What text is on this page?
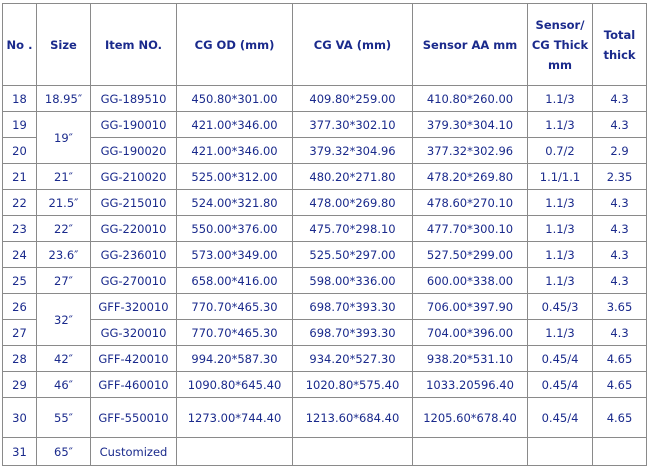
No .	Size	Item NO.	CG OD (mm)	CG VA (mm)	Sensor AA mm	Sensor/ CG Thick mm	Total thick
18	18.95″	GG-189510	450.80*301.00	409.80*259.00	410.80*260.00	1.1/3	4.3
19	19″	GG-190010	421.00*346.00	377.30*302.10	379.30*304.10	1.1/3	4.3
20		GG-190020	421.00*346.00	379.32*304.96	377.32*302.96	0.7/2	2.9
21	21″	GG-210020	525.00*312.00	480.20*271.80	478.20*269.80	1.1/1.1	2.35
22	21.5″	GG-215010	524.00*321.80	478.00*269.80	478.60*270.10	1.1/3	4.3
23	22″	GG-220010	550.00*376.00	475.70*298.10	477.70*300.10	1.1/3	4.3
24	23.6″	GG-236010	573.00*349.00	525.50*297.00	527.50*299.00	1.1/3	4.3
25	27″	GG-270010	658.00*416.00	598.00*336.00	600.00*338.00	1.1/3	4.3
26	32″	GFF-320010	770.70*465.30	698.70*393.30	706.00*397.90	0.45/3	3.65
27		GG-320010	770.70*465.30	698.70*393.30	704.00*396.00	1.1/3	4.3
28	42″	GFF-420010	994.20*587.30	934.20*527.30	938.20*531.10	0.45/4	4.65
29	46″	GFF-460010	1090.80*645.40	1020.80*575.40	1033.20596.40	0.45/4	4.65
30	55″	GFF-550010	1273.00*744.40	1213.60*684.40	1205.60*678.40	0.45/4	4.65
31	65″	Customized					
